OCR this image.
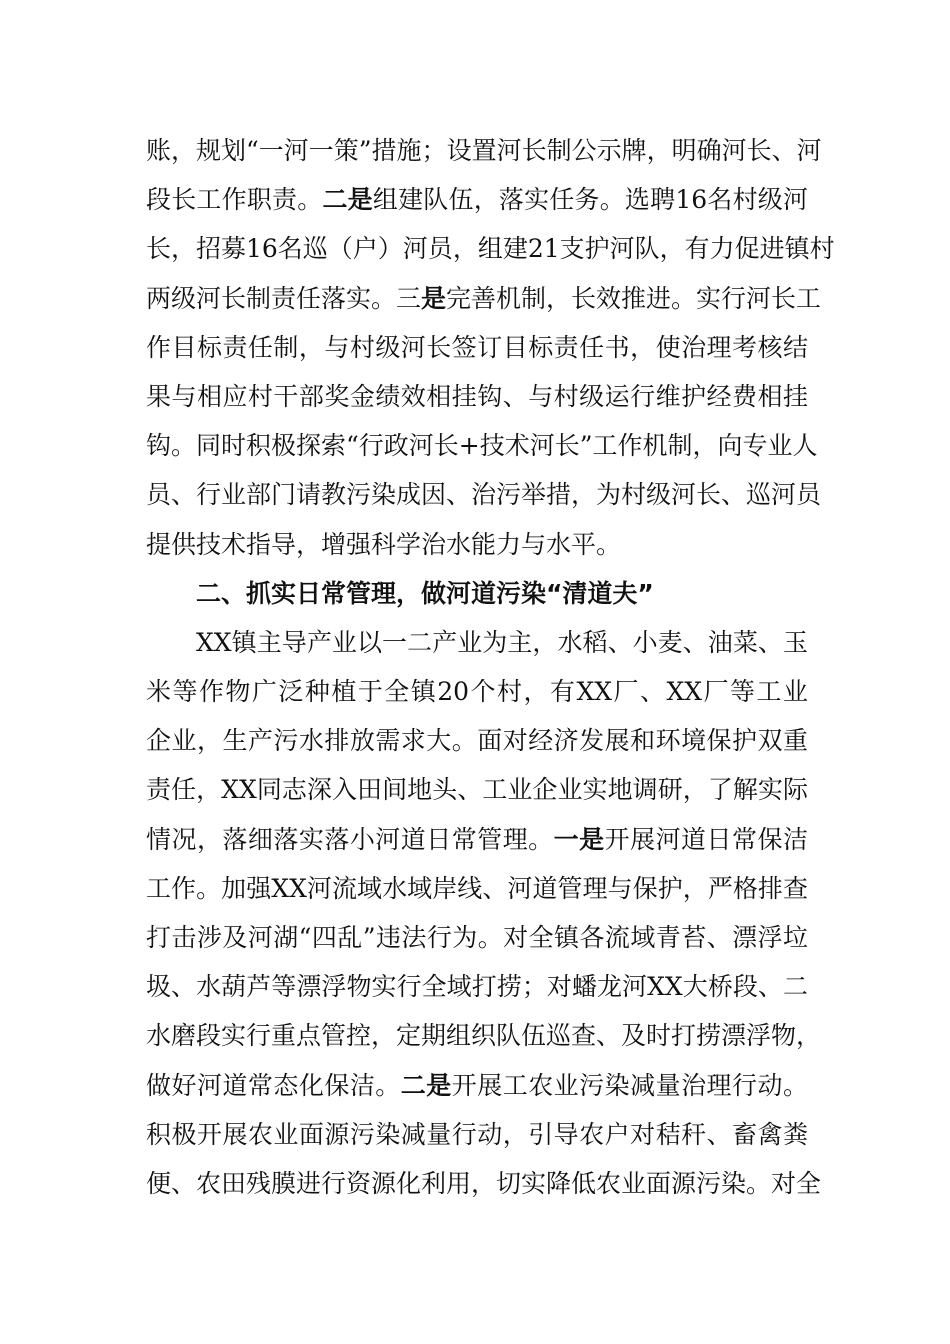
账，规划“一河一策”措施；设置河长制公示牌，明确河长、河
段长工作职责。二是组建队伍，落实任务。选聘16名村级河
长，招募16名巡（户）河员，组建21支护河队，有力促进镇村
两级河长制责任落实。三是完善机制，长效推进。实行河长工
作目标责任制，与村级河长签订目标责任书，使治理考核结
果与相应村干部奖金绩效相挂钩、与村级运行维护经费相挂
钩。同时积极探索“行政河长+技术河长”工作机制，向专业人
员、行业部门请教污染成因、治污举措，为村级河长、巡河员
提供技术指导，增强科学治水能力与水平。
二、抓实日常管理，做河道污染“清道夫”
XX镇主导产业以一二产业为主，水稻、小麦、油菜、玉
米等作物广泛种植于全镇20个村，有XX厂、XX厂等工业
企业，生产污水排放需求大。面对经济发展和环境保护双重
责任，XX同志深入田间地头、工业企业实地调研，了解实际
情况，落细落实落小河道日常管理。一是开展河道日常保洁
工作。加强XX河流域水域岸线、河道管理与保护，严格排查
打击涉及河湖“四乱”违法行为。对全镇各流域青苔、漂浮垃
圾、水葫芦等漂浮物实行全域打捞；对蟠龙河XX大桥段、二
水磨段实行重点管控，定期组织队伍巡查、及时打捞漂浮物，
做好河道常态化保洁。二是开展工农业污染减量治理行动。
积极开展农业面源污染减量行动，引导农户对秸秆、畜禽粪
便、农田残膜进行资源化利用，切实降低农业面源污染。对全
